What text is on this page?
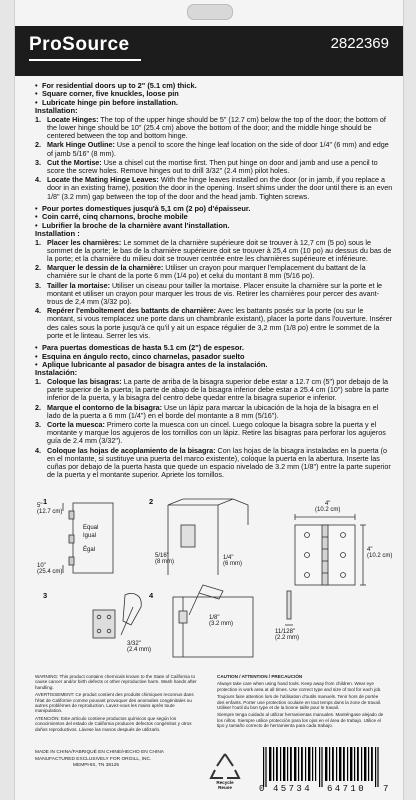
ProSource	2822369
• For residential doors up to 2" (5.1 cm) thick.
• Square corner, five knuckles, loose pin
• Lubricate hinge pin before installation.

Installation:

1. Locate Hinges: The top of the upper hinge should be 5" (12.7 cm) below the top of the door; the bottom of the lower hinge should be 10" (25.4 cm) above the bottom of the door; and the middle hinge should be centered between the top and bottom hinge.
2. Mark Hinge Outline: Use a pencil to score the hinge leaf location on the side of door 1/4" (6 mm) and edge of jamb 5/16" (8 mm).
3. Cut the Mortise: Use a chisel cut the mortise first. Then put hinge on door and jamb and use a pencil to score the screw holes. Remove hinges out to drill 3/32" (2.4 mm) pilot holes.
4. Locate the Mating Hinge Leaves: With the hinge leaves installed on the door (or in jamb, if you replace a door in an existing frame), position the door in the opening. Insert shims under the door until there is an even 1/8" (3.2 mm) gap between the top of the door and the head jamb. Tighten screws.
• Pour portes domestiques jusqu'à 5,1 cm (2 po) d'épaisseur.
• Coin carré, cinq charnons, broche mobile
• Lubrifier la broche de la charnière avant l'installation.

Installation :

1. Placer les charnières: Le sommet de la charnière supérieure doit se trouver à 12,7 cm (5 po) sous le sommet de la porte; le bas de la charnière supérieure doit se trouver à 25,4 cm (10 po) au dessus du bas de la porte; et la charnière du milieu doit se trouver centrée entre les charnières supérieure et inférieure.
2. Marquer le dessin de la charnière: Utiliser un crayon pour marquer l'emplacement du battant de la charnière sur le chant de la porte 6 mm (1/4 po) et celui du montant 8 mm (5/16 po).
3. Tailler la mortaise: Utiliser un ciseau pour tailler la mortaise. Placer ensuite la charnière sur la porte et le montant et utiliser un crayon pour marquer les trous de vis. Retirer les charnières pour percer des avant-trous de 2,4 mm (3/32 po).
4. Repérer l'emboîtement des battants de charnière: Avec les battants posés sur la porte (ou sur le montant, si vous remplacez une porte dans un chambranle existant), placer la porte dans l'ouverture. Insérer des cales sous la porte jusqu'à ce qu'il y ait un espace régulier de 3,2 mm (1/8 po) entre le sommet de la porte et le linteau. Serrer les vis.
• Para puertas domesticas de hasta 5.1 cm (2") de espesor.
• Esquina en ángulo recto, cinco charnelas, pasador suelto
• Aplique lubricante al pasador de bisagra antes de la instalación.

Instalación:

1. Coloque las bisagras: La parte de arriba de la bisagra superior debe estar a 12.7 cm (5") por debajo de la parte superior de la puerta; la parte de abajo de la bisagra inferior debe estar a 25.4 cm (10") sobre la parte inferior de la puerta, y la bisagra del centro debe quedar entre la bisagra superior e inferior.
2. Marque el contorno de la bisagra: Use un lápiz para marcar la ubicación de la hoja de la bisagra en el lado de la puerta a 6 mm (1/4") en el borde del montante a 8 mm (5/16").
3. Corte la muesca: Primero corte la muesca con un cincel. Luego coloque la bisagra sobre la puerta y el montante y marque los agujeros de los tornillos con un lápiz. Retire las bisagras para perforar los agujeros guía de 2.4 mm (3/32").
4. Coloque las hojas de acoplamiento de la bisagra: Con las hojas de la bisagra instaladas en la puerta (o en el montante, si sustituye una puerta del marco existente), coloque la puerta en la abertura. Inserte las cuñas por debajo de la puerta hasta que quede un espacio nivelado de 3.2 mm (1/8") entre la parte superior de la puerta y el montante superior. Apriete los tornillos.
1	2
3	4
5"
(12.7 cm)
Equal
Égal
Igual
10"
(25.4 cm)
5/16"
(8 mm)
1/4"
(6 mm)
3/32"
(2.4 mm)
1/8"
(3.2 mm)
4"
(10.2 cm)
4"
(10.2 cm)
11/128"
(2.2 mm)

WARNING: This product contains chemicals known to the State of California to cause cancer and/or birth defects or other reproductive harm. Wash hands after handling.

AVERTISSEMENT: Ce produit contient des produits chimiques reconnus dans l'état de Californie comme pouvant provoquer des anomalies congénitales ou autres problèmes de reproduction. Lavez-vous les mains après toute manipulation.

ATENCIÓN: Este artículo contiene productos químicos que según los conocimientos del estado de California producen defectos congénitos y otros daños reproductivos. Lávese las manos después de utilizarlo.

CAUTION / ATTENTION / PRECAUCIÓN

Always take care when using hand tools. Keep away from children. Wear eye protection in work area at all times. Use correct type and size of tool for each job.

Toujours faire attention lors de l'utilisation d'outils manuels. Tenir hors de portée des enfants. Porter une protection oculaire en tout temps dans la zone de travail. Utiliser l'outil du bon type et de la bonne taille pour le travail.

Siempre tenga cuidado al utilizar herramientas manuales. Manténgase alejado de los niños. Siempre utilice protección para los ojos en el área de trabajo. Utilice el tipo y tamaño correcto de herramienta para cada trabajo.

MADE IN CHINA/FABRIQUÉ EN CHINE/HECHO EN CHINA
MANUFACTURED EXCLUSIVELY FOR ORGILL, INC.
MEMPHIS, TN 38125
Recycle
Reuse	0 45734 64710 7
